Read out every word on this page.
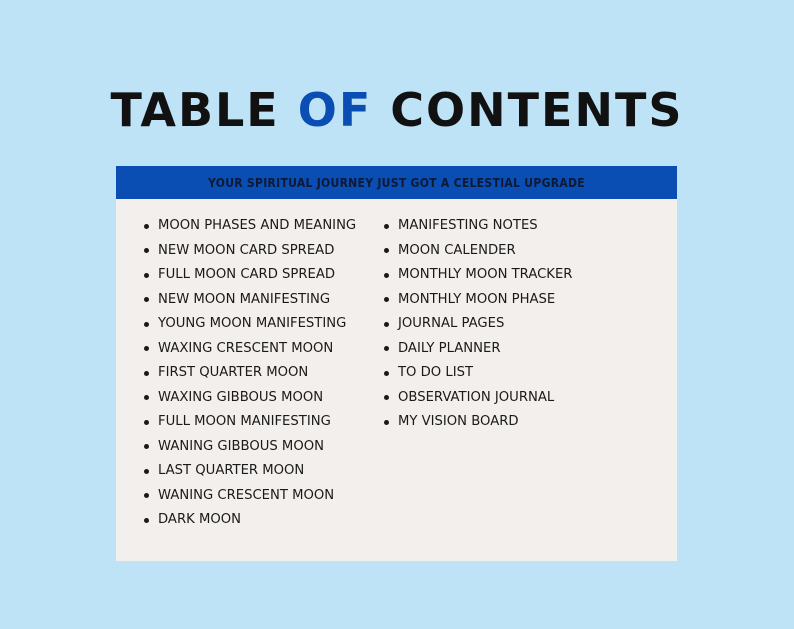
TABLE OF CONTENTS
YOUR SPIRITUAL JOURNEY JUST GOT A CELESTIAL UPGRADE
MOON PHASES AND MEANING
NEW MOON CARD SPREAD
FULL MOON CARD SPREAD
NEW MOON MANIFESTING
YOUNG MOON MANIFESTING
WAXING CRESCENT MOON
FIRST QUARTER MOON
WAXING GIBBOUS MOON
FULL MOON MANIFESTING
WANING GIBBOUS MOON
LAST QUARTER MOON
WANING CRESCENT MOON
DARK MOON
MANIFESTING NOTES
MOON CALENDER
MONTHLY MOON TRACKER
MONTHLY MOON PHASE
JOURNAL PAGES
DAILY PLANNER
TO DO LIST
OBSERVATION JOURNAL
MY VISION BOARD
